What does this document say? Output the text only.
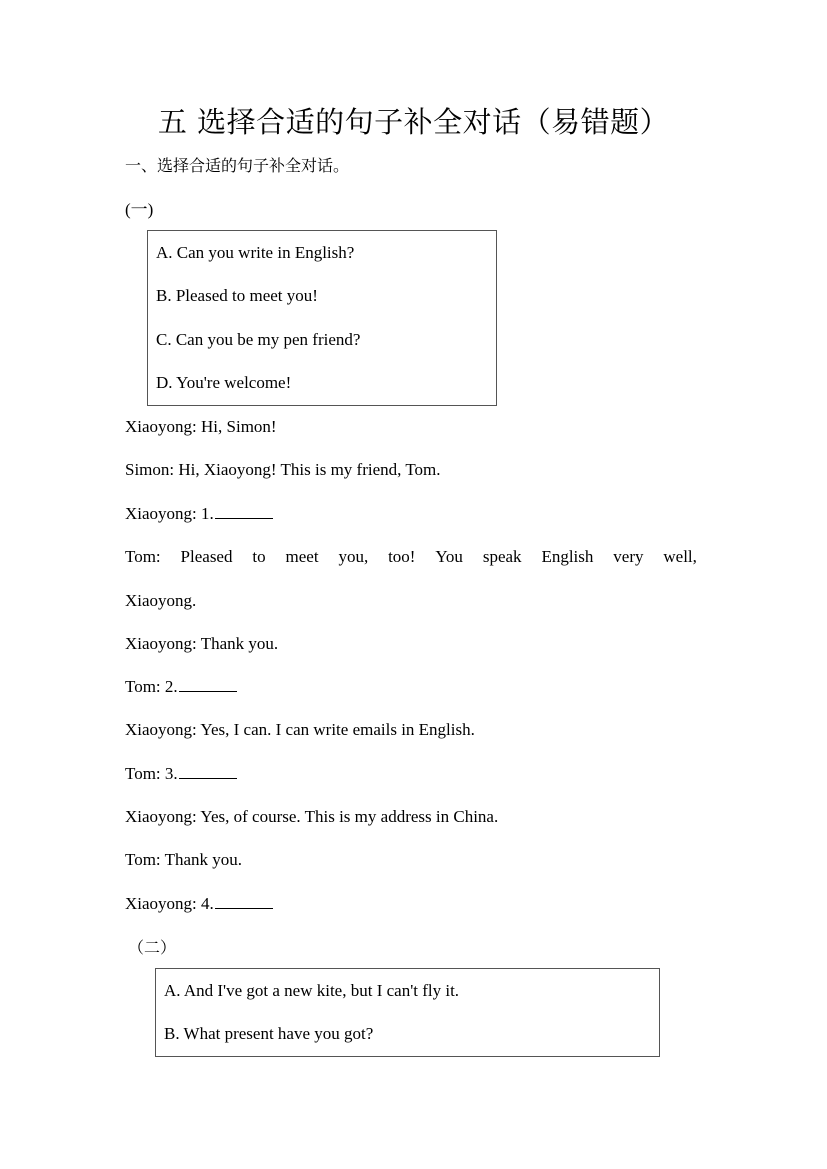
五 选择合适的句子补全对话（易错题）
一、选择合适的句子补全对话。
(一)
A. Can you write in English?
B. Pleased to meet you!
C. Can you be my pen friend?
D. You're welcome!
Xiaoyong: Hi, Simon!
Simon: Hi, Xiaoyong! This is my friend, Tom.
Xiaoyong: 1.
Tom: Pleased to meet you, too! You speak English very well,
Xiaoyong.
Xiaoyong: Thank you.
Tom: 2.
Xiaoyong: Yes, I can. I can write emails in English.
Tom: 3.
Xiaoyong: Yes, of course. This is my address in China.
Tom: Thank you.
Xiaoyong: 4.
（二）
A. And I've got a new kite, but I can't fly it.
B. What present have you got?
